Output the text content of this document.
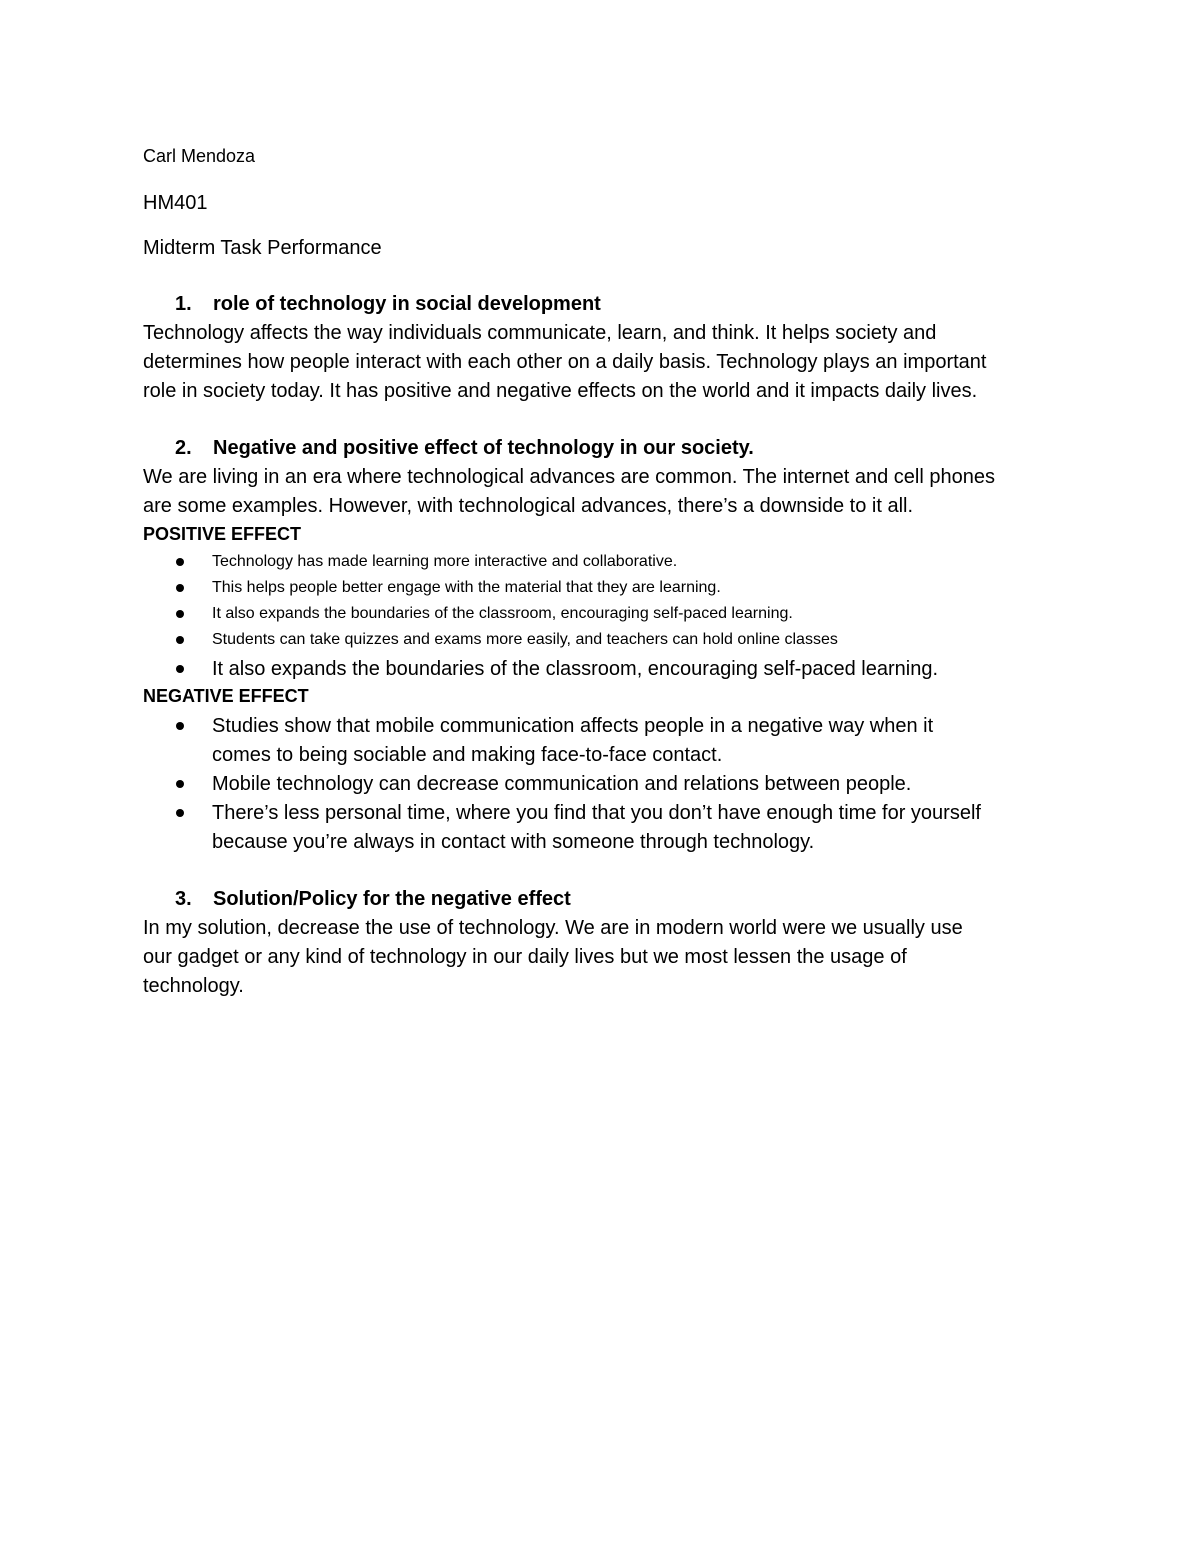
Carl Mendoza
HM401
Midterm Task Performance
1. role of technology in social development
Technology affects the way individuals communicate, learn, and think. It helps society and
determines how people interact with each other on a daily basis. Technology plays an important
role in society today. It has positive and negative effects on the world and it impacts daily lives.
2. Negative and positive effect of technology in our society.
We are living in an era where technological advances are common. The internet and cell phones
are some examples. However, with technological advances, there’s a downside to it all.
POSITIVE EFFECT
Technology has made learning more interactive and collaborative.
This helps people better engage with the material that they are learning.
It also expands the boundaries of the classroom, encouraging self-paced learning.
Students can take quizzes and exams more easily, and teachers can hold online classes
It also expands the boundaries of the classroom, encouraging self-paced learning.
NEGATIVE EFFECT
Studies show that mobile communication affects people in a negative way when it
comes to being sociable and making face-to-face contact.
Mobile technology can decrease communication and relations between people.
There’s less personal time, where you find that you don’t have enough time for yourself
because you’re always in contact with someone through technology.
3. Solution/Policy for the negative effect
In my solution, decrease the use of technology. We are in modern world were we usually use
our gadget or any kind of technology in our daily lives but we most lessen the usage of
technology.
